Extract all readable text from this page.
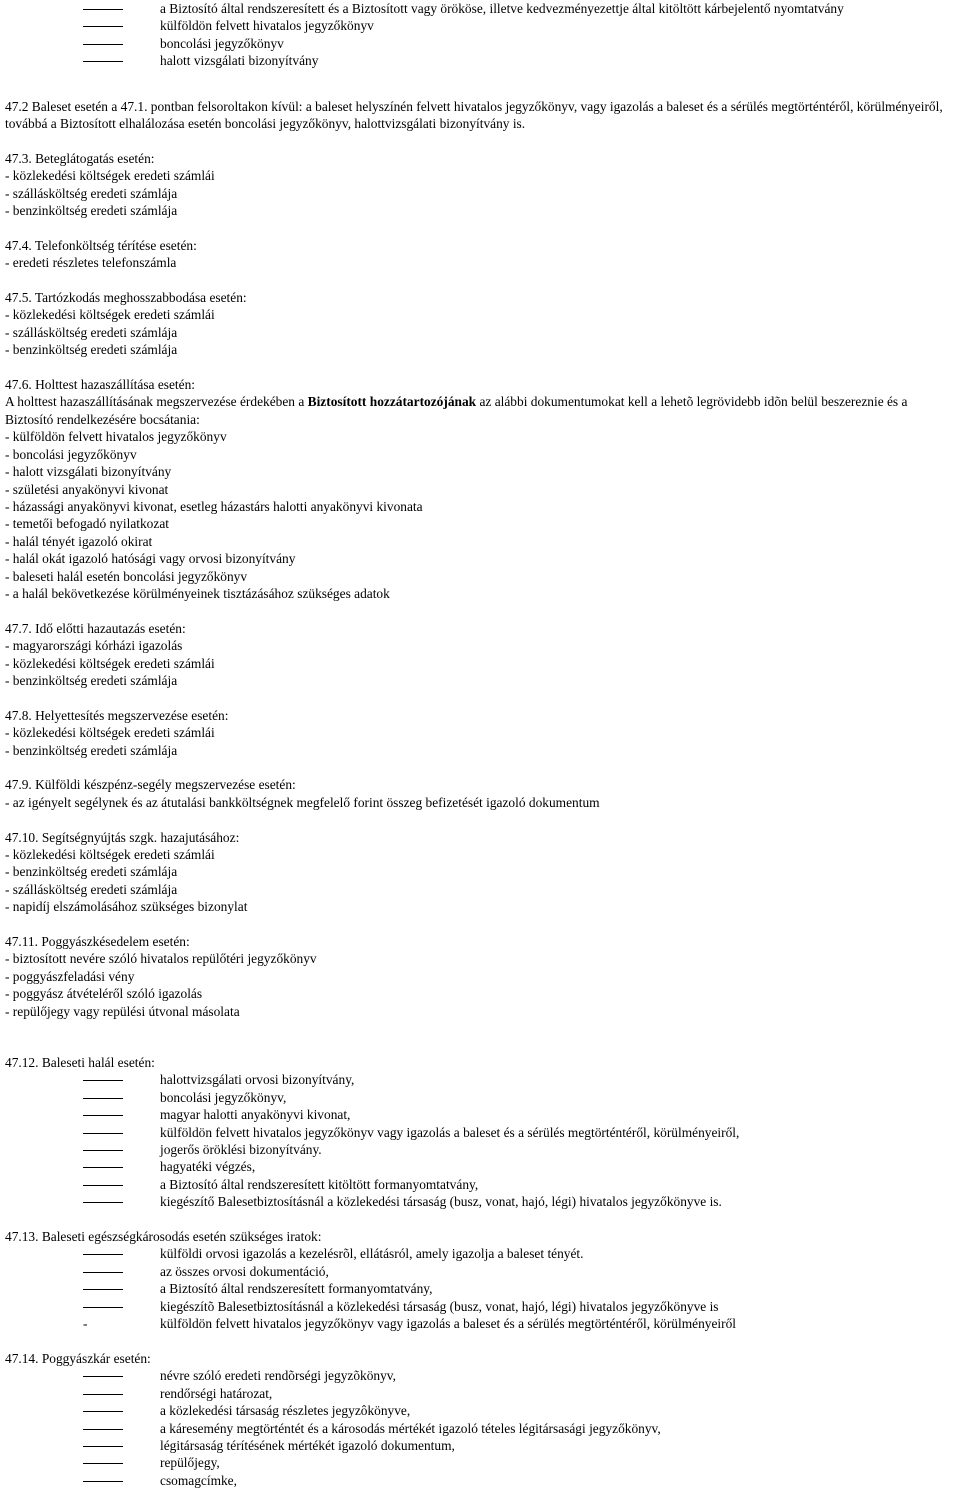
a Biztosító által rendszeresített és a Biztosított vagy örököse, illetve kedvezményezettje által kitöltött kárbejelentő nyomtatvány
külföldön felvett hivatalos jegyzőkönyv
boncolási jegyzőkönyv
halott vizsgálati bizonyítvány
47.2 Baleset esetén a 47.1. pontban felsoroltakon kívül: a baleset helyszínén felvett hivatalos jegyzőkönyv, vagy igazolás a baleset és a sérülés megtörténtéről, körülményeiről, továbbá a Biztosított elhalálozása esetén boncolási jegyzőkönyv, halottvizsgálati bizonyítvány is.
47.3. Beteglátogatás esetén:
- közlekedési költségek eredeti számlái
- szállásköltség eredeti számlája
- benzinköltség eredeti számlája
47.4. Telefonköltség térítése esetén:
- eredeti részletes telefonszámla
47.5. Tartózkodás meghosszabbodása esetén:
- közlekedési költségek eredeti számlái
- szállásköltség eredeti számlája
- benzinköltség eredeti számlája
47.6. Holttest hazaszállítása esetén:
A holttest hazaszállításának megszervezése érdekében a Biztosított hozzátartozójának az alábbi dokumentumokat kell a lehetõ legrövidebb idõn belül beszereznie és a Biztosító rendelkezésére bocsátania:
- külföldön felvett hivatalos jegyzőkönyv
- boncolási jegyzőkönyv
- halott vizsgálati bizonyítvány
- születési anyakönyvi kivonat
- házassági anyakönyvi kivonat, esetleg házastárs halotti anyakönyvi kivonata
- temetői befogadó nyilatkozat
- halál tényét igazoló okirat
- halál okát igazoló hatósági vagy orvosi bizonyítvány
- baleseti halál esetén boncolási jegyzőkönyv
- a halál bekövetkezése körülményeinek tisztázásához szükséges adatok
47.7. Idő előtti hazautazás esetén:
- magyarországi kórházi igazolás
- közlekedési költségek eredeti számlái
- benzinköltség eredeti számlája
47.8. Helyettesítés megszervezése esetén:
- közlekedési költségek eredeti számlái
- benzinköltség eredeti számlája
47.9. Külföldi készpénz-segély megszervezése esetén:
- az igényelt segélynek és az átutalási bankköltségnek megfelelő forint összeg befizetését igazoló dokumentum
47.10. Segítségnyújtás szgk. hazajutásához:
- közlekedési költségek eredeti számlái
- benzinköltség eredeti számlája
- szállásköltség eredeti számlája
- napidíj elszámolásához szükséges bizonylat
47.11. Poggyászkésedelem esetén:
- biztosított nevére szóló hivatalos repülőtéri jegyzőkönyv
- poggyászfeladási vény
- poggyász átvételéről szóló igazolás
- repülőjegy vagy repülési útvonal másolata
47.12. Baleseti halál esetén:
halottvizsgálati orvosi bizonyítvány,
boncolási jegyzőkönyv,
magyar halotti anyakönyvi kivonat,
külföldön felvett hivatalos jegyzőkönyv vagy igazolás a baleset és a sérülés megtörténtéről, körülményeiről,
jogerős öröklési bizonyítvány.
hagyatéki végzés,
a Biztosító által rendszeresített kitöltött formanyomtatvány,
kiegészítő Balesetbiztosításnál a közlekedési társaság (busz, vonat, hajó, légi) hivatalos jegyzőkönyve is.
47.13. Baleseti egészségkárosodás esetén szükséges iratok:
külföldi orvosi igazolás a kezelésrõl, ellátásról, amely igazolja a baleset tényét.
az összes orvosi dokumentáció,
a Biztosító által rendszeresített formanyomtatvány,
kiegészítõ Balesetbiztosításnál a közlekedési társaság (busz, vonat, hajó, légi) hivatalos jegyzőkönyve is
-	külföldön felvett hivatalos jegyzőkönyv vagy igazolás a baleset és a sérülés megtörténtéről, körülményeiről
47.14. Poggyászkár esetén:
névre szóló eredeti rendõrségi jegyzõkönyv,
rendőrségi határozat,
a közlekedési társaság részletes jegyzôkönyve,
a káresemény megtörténtét és a károsodás mértékét igazoló tételes légitársasági jegyzőkönyv,
légitársaság térítésének mértékét igazoló dokumentum,
repülőjegy,
csomagcímke,
